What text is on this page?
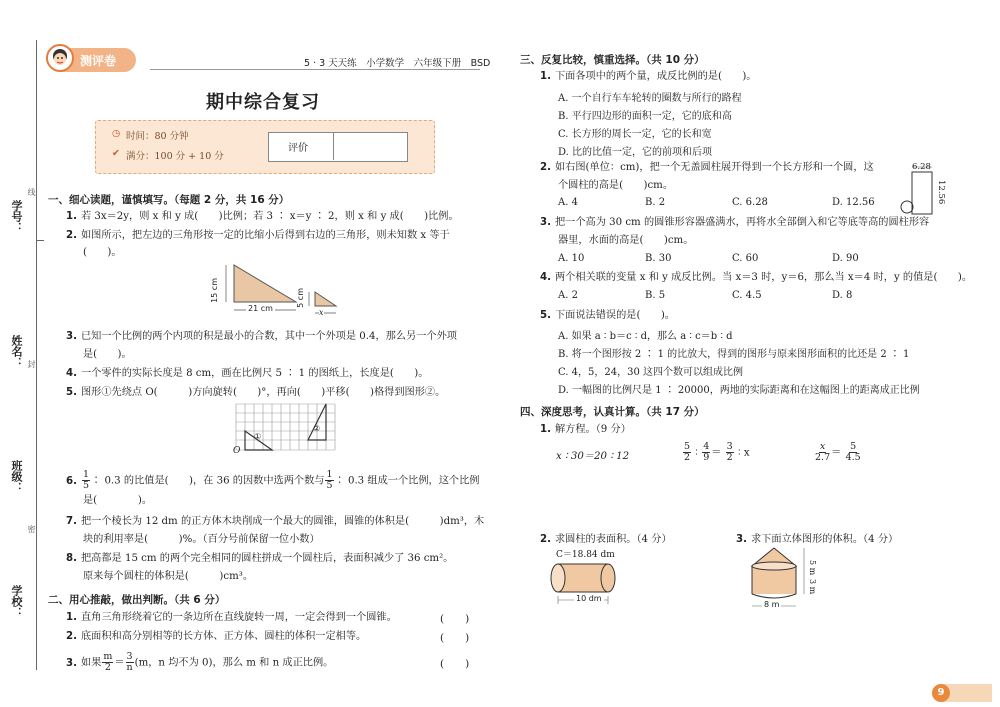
学号：
姓名：
班级：
学校：
线
封
密
测评卷	5 · 3 天天练　小学数学　六年级下册　BSD
期中综合复习
◷ 时间：80 分钟
✔ 满分：100 分 + 10 分
评价
一、细心读题，谨慎填写。（每题 2 分，共 16 分）
1. 若 3x＝2y，则 x 和 y 成(　　)比例；若 3 ∶ x＝y ∶ 2，则 x 和 y 成(　　)比例。
2. 如图所示，把左边的三角形按一定的比缩小后得到右边的三角形，则未知数 x 等于
(　　)。
15 cm
21 cm
5 cm
x
3. 已知一个比例的两个内项的积是最小的合数，其中一个外项是 0.4，那么另一个外项
是(　　)。
4. 一个零件的实际长度是 8 cm，画在比例尺 5 ∶ 1 的图纸上，长度是(　　)。
5. 图形①先绕点 O(　　　)方向旋转(　　)°，再向(　　)平移(　　)格得到图形②。
O
①
②
6. $\frac{1}{5}$ ∶ 0.3 的比值是(　　)，在 36 的因数中选两个数与 $\frac{1}{5}$ ∶ 0.3 组成一个比例，这个比例
是(　　　　)。
7. 把一个棱长为 12 dm 的正方体木块削成一个最大的圆锥，圆锥的体积是(　　　)dm³，木
块的利用率是(　　　)%。（百分号前保留一位小数）
8. 把高都是 15 cm 的两个完全相同的圆柱拼成一个圆柱后，表面积减少了 36 cm²。
原来每个圆柱的体积是(　　　)cm³。
二、用心推敲，做出判断。（共 6 分）
1. 直角三角形绕着它的一条边所在直线旋转一周，一定会得到一个圆锥。	(　　)
2. 底面积和高分别相等的长方体、正方体、圆柱的体积一定相等。	(　　)
3. 如果 $\frac{m}{2} = \frac{3}{n} (m$，n 均不为 0)，那么 m 和 n 成正比例。	(　　)
三、反复比较，慎重选择。（共 10 分）
1. 下面各项中的两个量，成反比例的是(　　)。
A. 一个自行车车轮转的圈数与所行的路程
B. 平行四边形的面积一定，它的底和高
C. 长方形的周长一定，它的长和宽
D. 比的比值一定，它的前项和后项
2. 如右图(单位：cm)，把一个无盖圆柱展开得到一个长方形和一个圆，这
个圆柱的高是(　　)cm。
A. 4	B. 2	C. 6.28	D. 12.56
6.28
12.56
3. 把一个高为 30 cm 的圆锥形容器盛满水，再将水全部倒入和它等底等高的圆柱形容
器里，水面的高是(　　)cm。
A. 10	B. 30	C. 60	D. 90
4. 两个相关联的变量 x 和 y 成反比例。当 x＝3 时，y＝6，那么当 x＝4 时，y 的值是(　　)。
A. 2	B. 5	C. 4.5	D. 8
5. 下面说法错误的是(　　)。
A. 如果 a ∶ b＝c ∶ d，那么 a ∶ c＝b ∶ d
B. 将一个图形按 2 ∶ 1 的比放大，得到的图形与原来图形面积的比还是 2 ∶ 1
C. 4，5，24，30 这四个数可以组成比例
D. 一幅图的比例尺是 1 ∶ 20000，两地的实际距离和在这幅图上的距离成正比例
四、深度思考，认真计算。（共 17 分）
1. 解方程。（9 分）
x ∶ 30＝20 ∶ 12	$\frac{5}{2}$ ∶ $\frac{4}{9} = \frac{3}{2}$ ∶ x	$\frac{x}{2.7} = \frac{5}{4.5}$
2. 求圆柱的表面积。（4 分）	3. 求下面立体图形的体积。（4 分）
C＝18.84 dm
10 dm
5 m
3 m
8 m
9
